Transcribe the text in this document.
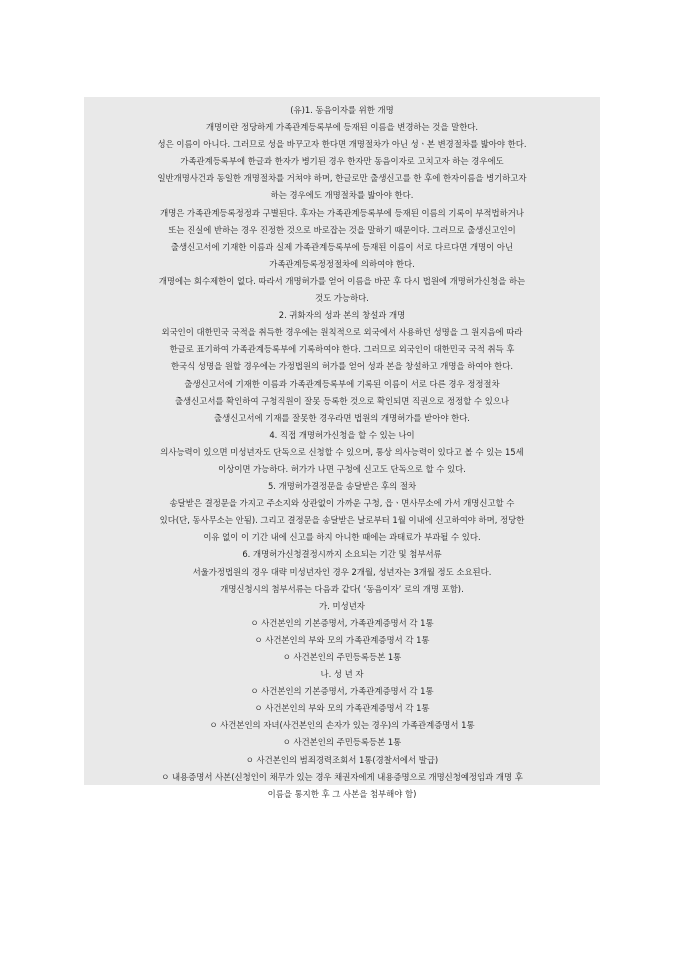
(유)1. 동음이자를 위한 개명
개명이란 정당하게 가족관계등록부에 등재된 이름을 변경하는 것을 말한다.
성은 이름이 아니다. 그러므로 성을 바꾸고자 한다면 개명절차가 아닌 성ㆍ본 변경절차를 밟아야 한다.
가족관계등록부에 한글과 한자가 병기된 경우 한자만 동음이자로 고치고자 하는 경우에도
일반개명사건과 동일한 개명절차를 거쳐야 하며, 한글로만 출생신고를 한 후에 한자이름을 병기하고자
하는 경우에도 개명절차를 밟아야 한다.
개명은 가족관계등록정정과 구별된다. 후자는 가족관계등록부에 등재된 이름의 기록이 부적법하거나
또는 진실에 반하는 경우 진정한 것으로 바로잡는 것을 말하기 때문이다. 그러므로 출생신고인이
출생신고서에 기재한 이름과 실제 가족관계등록부에 등재된 이름이 서로 다르다면 개명이 아닌
가족관계등록정정절차에 의하여야 한다.
개명에는 회수제한이 없다. 따라서 개명허가를 얻어 이름을 바꾼 후 다시 법원에 개명허가신청을 하는
것도 가능하다.
2. 귀화자의 성과 본의 창설과 개명
외국인이 대한민국 국적을 취득한 경우에는 원칙적으로 외국에서 사용하던 성명을 그 원지음에 따라
한글로 표기하여 가족관계등록부에 기록하여야 한다. 그러므로 외국인이 대한민국 국적 취득 후
한국식 성명을 원할 경우에는 가정법원의 허가를 얻어 성과 본을 창설하고 개명을 하여야 한다.
출생신고서에 기재한 이름과 가족관계등록부에 기록된 이름이 서로 다른 경우 정정절차
출생신고서를 확인하여 구청직원이 잘못 등록한 것으로 확인되면 직권으로 정정할 수 있으나
출생신고서에 기재를 잘못한 경우라면 법원의 개명허가를 받아야 한다.
4. 직접 개명허가신청을 할 수 있는 나이
의사능력이 있으면 미성년자도 단독으로 신청할 수 있으며, 통상 의사능력이 있다고 볼 수 있는 15세
이상이면 가능하다. 허가가 나면 구청에 신고도 단독으로 할 수 있다.
5. 개명허가결정문을 송달받은 후의 절차
송달받은 결정문을 가지고 주소지와 상관없이 가까운 구청, 읍ㆍ면사무소에 가서 개명신고할 수
있다(단, 동사무소는 안됨). 그리고 결정문을 송달받은 날로부터 1월 이내에 신고하여야 하며, 정당한
이유 없이 이 기간 내에 신고를 하지 아니한 때에는 과태료가 부과될 수 있다.
6. 개명허가신청결정시까지 소요되는 기간 및 첨부서류
서울가정법원의 경우 대략 미성년자인 경우 2개월, 성년자는 3개월 정도 소요된다.
개명신청시의 첨부서류는 다음과 같다( ‘동음이자’ 로의 개명 포함).
가. 미성년자
ㅇ 사건본인의 기본증명서, 가족관계증명서 각 1통
ㅇ 사건본인의 부와 모의 가족관계증명서 각 1통
ㅇ 사건본인의 주민등록등본 1통
나. 성 년 자
ㅇ 사건본인의 기본증명서, 가족관계증명서 각 1통
ㅇ 사건본인의 부와 모의 가족관계증명서 각 1통
ㅇ 사건본인의 자녀(사건본인의 손자가 있는 경우)의 가족관계증명서 1통
ㅇ 사건본인의 주민등록등본 1통
ㅇ 사건본인의 범죄경력조회서 1통(경찰서에서 발급)
ㅇ 내용증명서 사본(신청인이 채무가 있는 경우 채권자에게 내용증명으로 개명신청예정임과 개명 후
이름을 통지한 후 그 사본을 첨부해야 함)
